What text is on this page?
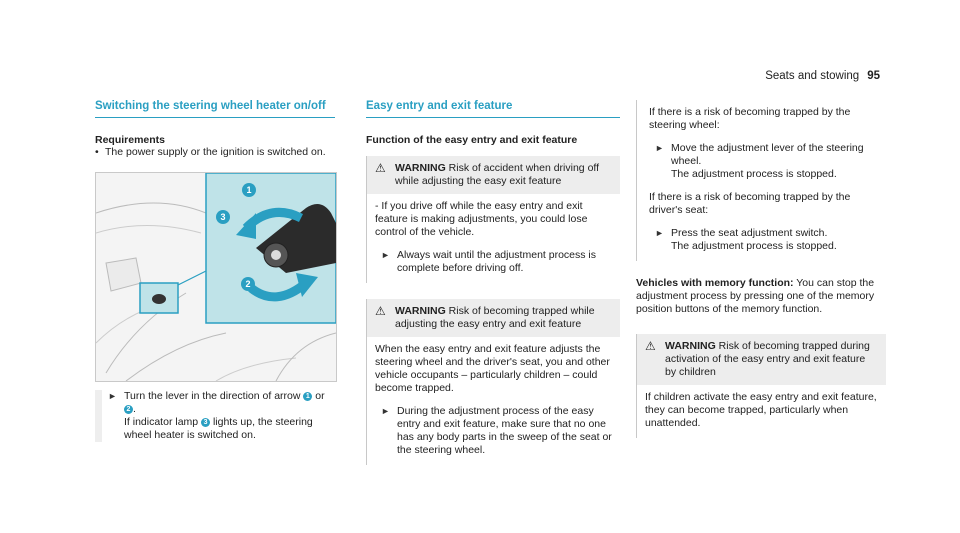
Seats and stowing 95
Switching the steering wheel heater on/off
Requirements
• The power supply or the ignition is switched on.
1
3
2
► Turn the lever in the direction of arrow 1 or 2 .
If indicator lamp 3 lights up, the steering wheel heater is switched on.
Easy entry and exit feature
Function of the easy entry and exit feature
⚠ WARNING Risk of accident when driving off while adjusting the easy exit feature

- If you drive off while the easy entry and exit feature is making adjustments, you could lose control of the vehicle.

► Always wait until the adjustment process is complete before driving off.
⚠ WARNING Risk of becoming trapped while adjusting the easy entry and exit feature

When the easy entry and exit feature adjusts the steering wheel and the driver's seat, you and other vehicle occupants – particularly children – could become trapped.

► During the adjustment process of the easy entry and exit feature, make sure that no one has any body parts in the sweep of the seat or the steering wheel.

If there is a risk of becoming trapped by the steering wheel:

► Move the adjustment lever of the steering wheel.
The adjustment process is stopped.

If there is a risk of becoming trapped by the driver's seat:

► Press the seat adjustment switch.
The adjustment process is stopped.

Vehicles with memory function: You can stop the adjustment process by pressing one of the memory position buttons of the memory function.

⚠ WARNING Risk of becoming trapped during activation of the easy entry and exit feature by children

If children activate the easy entry and exit feature, they can become trapped, particularly when unattended.
